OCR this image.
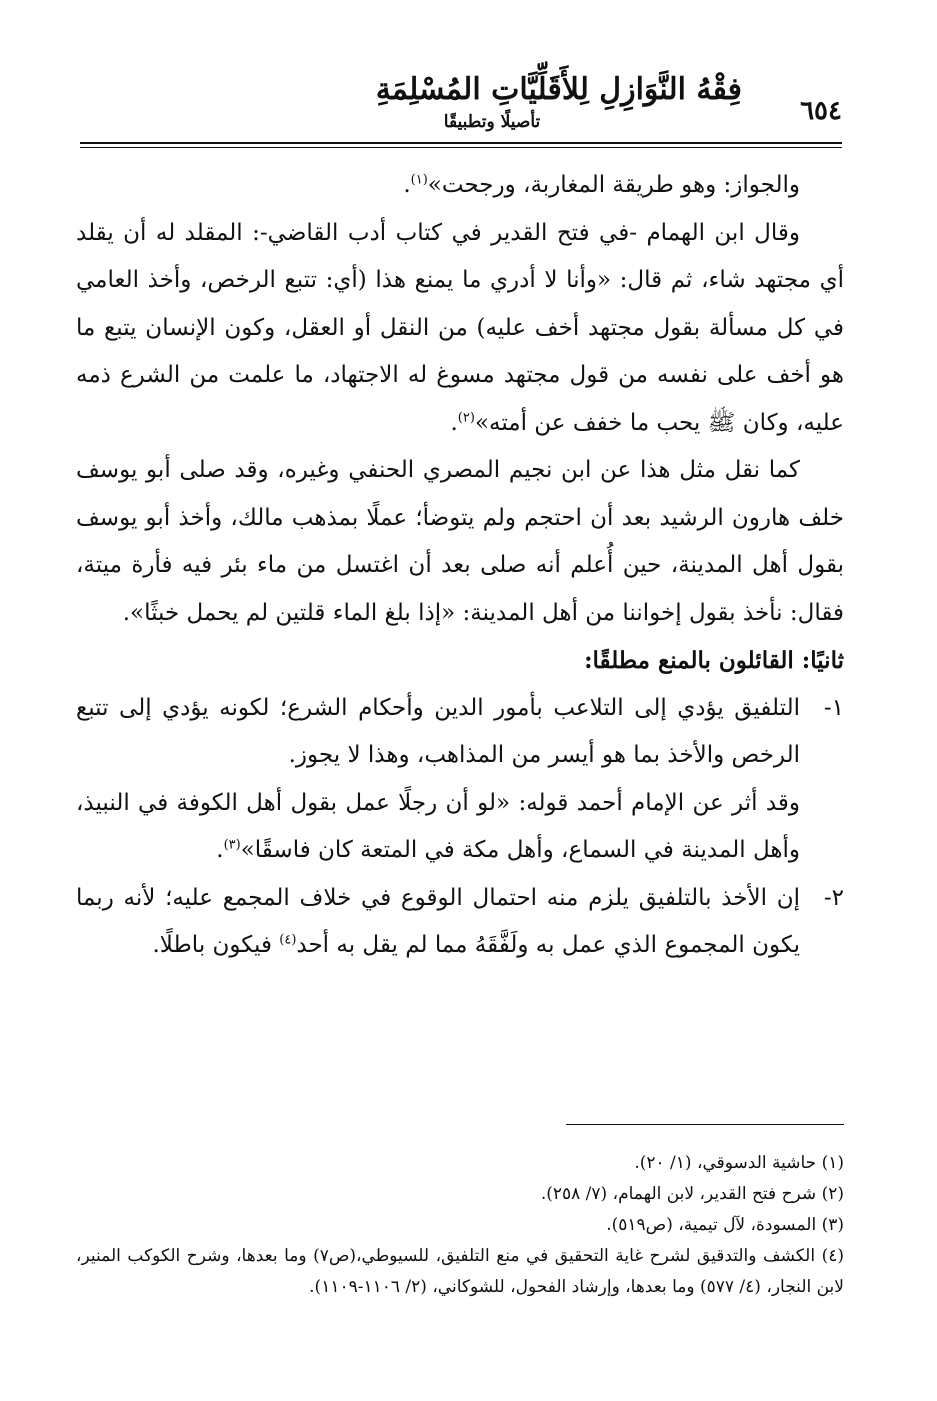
٦٥٤
فِقْهُ النَّوَازِلِ لِلأَقَلِّيَّاتِ المُسْلِمَةِ
تأصيلًا وتطبيقًا

والجواز: وهو طريقة المغاربة، ورجحت»$^{(١)}$.

وقال ابن الهمام -في فتح القدير في كتاب أدب القاضي-: المقلد له أن يقلد أي مجتهد شاء، ثم قال: «وأنا لا أدري ما يمنع هذا (أي: تتبع الرخص، وأخذ العامي في كل مسألة بقول مجتهد أخف عليه) من النقل أو العقل، وكون الإنسان يتبع ما هو أخف على نفسه من قول مجتهد مسوغ له الاجتهاد، ما علمت من الشرع ذمه عليه، وكان ﷺ يحب ما خفف عن أمته»$^{(٢)}$.

كما نقل مثل هذا عن ابن نجيم المصري الحنفي وغيره، وقد صلى أبو يوسف خلف هارون الرشيد بعد أن احتجم ولم يتوضأ؛ عملًا بمذهب مالك، وأخذ أبو يوسف بقول أهل المدينة، حين أُعلم أنه صلى بعد أن اغتسل من ماء بئر فيه فأرة ميتة، فقال: نأخذ بقول إخواننا من أهل المدينة: «إذا بلغ الماء قلتين لم يحمل خبثًا».

ثانيًا: القائلون بالمنع مطلقًا:

١-
التلفيق يؤدي إلى التلاعب بأمور الدين وأحكام الشرع؛ لكونه يؤدي إلى تتبع الرخص والأخذ بما هو أيسر من المذاهب، وهذا لا يجوز.

وقد أثر عن الإمام أحمد قوله: «لو أن رجلًا عمل بقول أهل الكوفة في النبيذ، وأهل المدينة في السماع، وأهل مكة في المتعة كان فاسقًا»$^{(٣)}$.

٢-
إن الأخذ بالتلفيق يلزم منه احتمال الوقوع في خلاف المجمع عليه؛ لأنه ربما يكون المجموع الذي عمل به ولَفَّقَهُ مما لم يقل به أحد$^{(٤)}$ فيكون باطلًا.

(١) حاشية الدسوقي، (١/ ٢٠).

(٢) شرح فتح القدير، لابن الهمام، (٧/ ٢٥٨).

(٣) المسودة، لآل تيمية، (ص٥١٩).

(٤) الكشف والتدقيق لشرح غاية التحقيق في منع التلفيق، للسيوطي،(ص٧) وما بعدها، وشرح الكوكب المنير، لابن النجار، (٤/ ٥٧٧) وما بعدها، وإرشاد الفحول، للشوكاني، (٢/ ١١٠٦-١١٠٩).
